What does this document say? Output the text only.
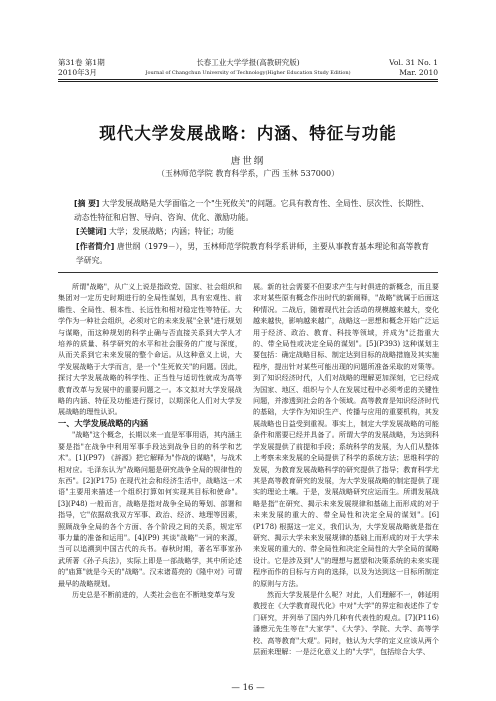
第31卷 第1期	长春工业大学学报(高教研究版)	Vol. 31 No. 1
2010年3月	Journal of Changchun University of Technology(Higher Education Study Edition)	Mar. 2010
现代大学发展战略：内涵、特征与功能
唐世纲
（玉林师范学院 教育科学系，广西 玉林 537000）

[摘 要] 大学发展战略是大学面临之一个"生死攸关"的问题。它具有教育性、全局性、层次性、长期性、动态性特征和启智、导向、咨询、优化、激励功能。

[关键词] 大学；发展战略；内涵；特征；功能

[作者简介] 唐世纲（1979－），男，玉林师范学院教育科学系讲师，主要从事教育基本理论和高等教育学研究。

所谓"战略"，从广义上说是指政党、国家、社会组织和集团对一定历史时期进行的全局性谋划，具有宏观性、前瞻性、全局性、根本性、长远性和相对稳定性等特征。大学作为一种社会组织，必须对它的未来发展"全景"进行规划与谋略，而这种规划的科学止确与否直接关系到大学人才培养的质量、科学研究的水平和社会服务的广度与深度，从而关系到它未来发展的整个命运。从这种意义上说，大学发展战略于大学而言，是一个"生死攸关"的问题。因此，探讨大学发展战略的科学性、正当性与适切性就成为高等教育改革与发展中的重要问题之一。本文拟对大学发展战略的内涵、特征及功能进行探讨，以期深化人们对大学发展战略的理性认识。

一、大学发展战略的内涵

"战略"这个概念，长期以来一直是军事用语，其内涵主要是指"在战争中利用军事手段达到战争目的的科学和艺术"。[1](P97) 《辞源》把它解释为"作战的谋略"，与战术相对应。毛泽东认为"战略问题是研究战争全局的规律性的东西"。[2](P175) 在现代社会和经济生活中，战略这一术语"主要用来描述一个组织打算如何实现其目标和使命"。[3](P48) 一般而言，战略是指对战争全局的筹划、部署和指导，它"依据敌我双方军事、政治、经济、地理等因素，照顾战争全局的各个方面、各个阶段之间的关系，规定军事力量的准备和运用"。[4](P9) 其谈"战略"一词的来源，当可以追溯到中国古代的兵书。春秋时期，著名军事家孙武所著《孙子兵法》，实际上即是一部战略学，其中所论述的"庙算"就是今天的"战略"。汉末诸葛亮的《隆中对》可谓最早的战略规划。

历史总是不断前进的，人类社会也在不断地变革与发

展。新的社会需要不但要求产生与时俱进的新概念，而且要求对某些原有概念作出时代的新阐释，"战略"就属于后面这种情况。二战后，随着现代社会活动的规模越来越大，变化越来越快，影响越来越广，战略这一思想和概念开始广泛运用于经济、政治、教育、科技等领域，并成为"泛指重大的、带全局性或决定全局的谋划"。[5](P393) 这种谋划主要包括：确定战略目标、制定达到目标的战略措施及其实施程序，提出针对某些可能出现的问题所准备采取的对策等。到了知识经济时代，人们对战略的理解更加深刻，它已经成为国家、地区、组织与个人在发展过程中必须考虑的关键性问题，并渗透到社会的各个领域。高等教育是知识经济时代的基础，大学作为知识生产、传播与应用的重要机构，其发展战略也日益受到重视。事实上，制定大学发展战略的可能条件和需要已经并具备了。所谓大学的发展战略，为达到科学发展提供了前提和手段；系统科学的发展，为人们从整体上考察未来发展的全局提供了科学的系统方法；思维科学的发展，为教育发展战略科学的研究提供了指导；教育科学尤其是高等教育研究的发展，为大学发展战略的制定提供了现实的理论土壤。于是，发展战略研究应运而生。所谓发展战略是指"在研究、揭示未来发展规律和基础上而形成的对于未来发展的重大的、带全局性和决定全局的谋划"。[6](P178) 根据这一定义，我们认为，大学发展战略就是指在研究、揭示大学未来发展规律的基础上而形成的对于大学未来发展的重大的、带全局性和决定全局性的大学全局的谋略设计。它是涉及到"人"的理想与愿望和决策系统的未来实现程序而作的目标与方向的选择，以及为达到这一目标所制定的原则与方法。

然而大学发展是什么呢？对此，人们理解不一，韩延明教授在《大学教育现代化》中对"大学"的界定和表述作了专门研究，并列举了国内外几种有代表性的观点。[7](P116) 潘懋元先生等在"大家学"、《大学》、学院、大学、高等学校、高等教育"大观"。同时，他认为大学的定义应该从两个层面来理解：一是泛化意义上的"大学"，包括综合大学、

— 16 —
